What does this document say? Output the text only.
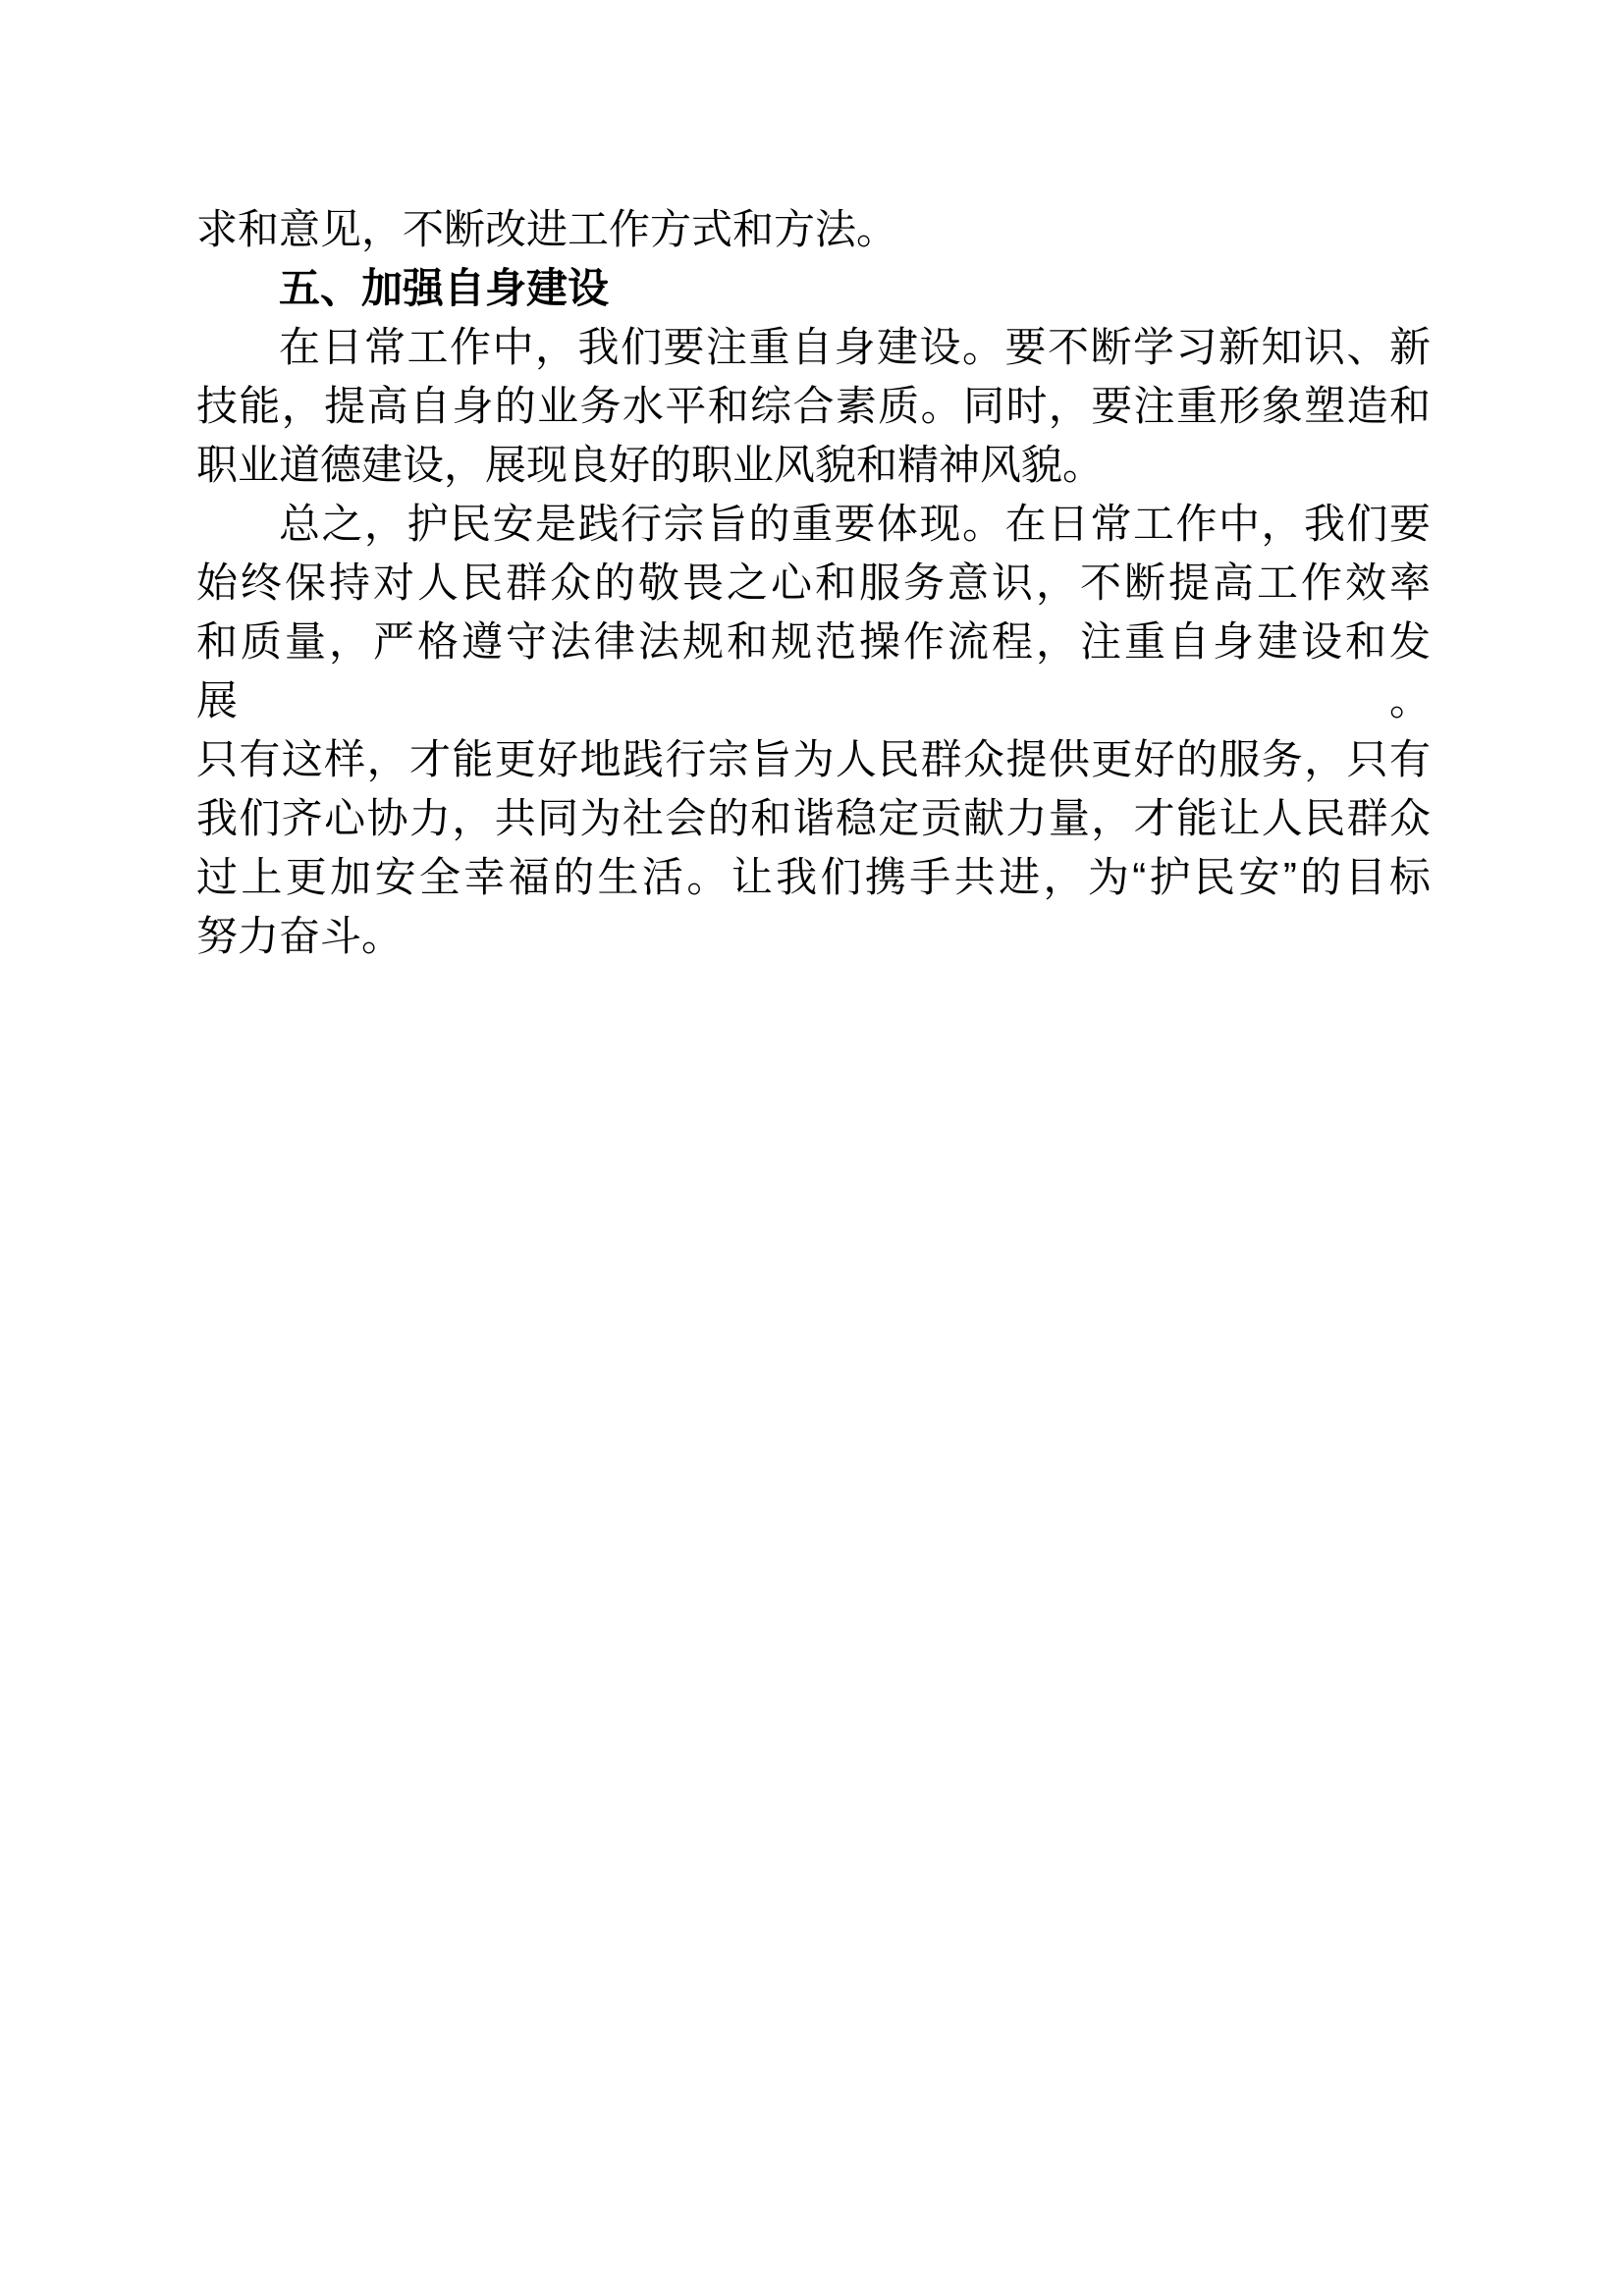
求和意见，不断改进工作方式和方法。
五、加强自身建设
在日常工作中，我们要注重自身建设。要不断学习新知识、新
技能，提高自身的业务水平和综合素质。同时，要注重形象塑造和
职业道德建设，展现良好的职业风貌和精神风貌。
总之，护民安是践行宗旨的重要体现。在日常工作中，我们要
始终保持对人民群众的敬畏之心和服务意识，不断提高工作效率
和质量，严格遵守法律法规和规范操作流程，注重自身建设和发展。
只有这样，才能更好地践行宗旨为人民群众提供更好的服务，只有
我们齐心协力，共同为社会的和谐稳定贡献力量，才能让人民群众
过上更加安全幸福的生活。让我们携手共进，为“护民安”的目标
努力奋斗。
